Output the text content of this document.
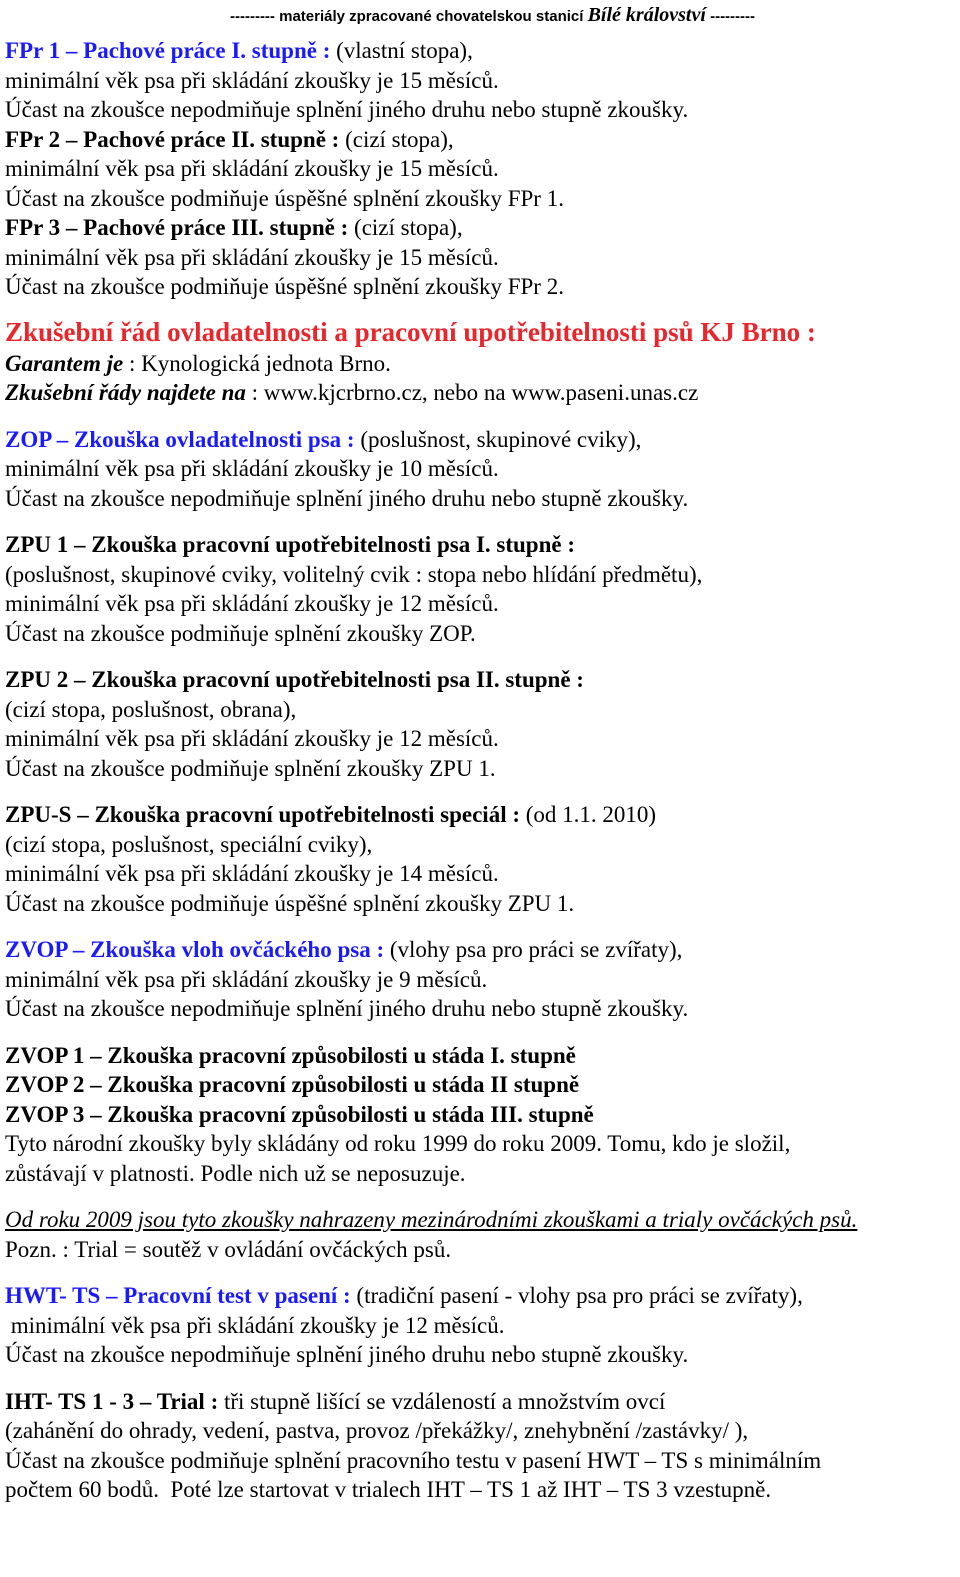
--------- materiály zpracované chovatelskou stanicí Bílé království ---------
FPr 1 – Pachové práce I. stupně : (vlastní stopa),
minimální věk psa při skládání zkoušky je 15 měsíců.
Účast na zkoušce nepodmiňuje splnění jiného druhu nebo stupně zkoušky.
FPr 2 – Pachové práce II. stupně : (cizí stopa),
minimální věk psa při skládání zkoušky je 15 měsíců.
Účast na zkoušce podmiňuje úspěšné splnění zkoušky FPr 1.
FPr 3 – Pachové práce III. stupně : (cizí stopa),
minimální věk psa při skládání zkoušky je 15 měsíců.
Účast na zkoušce podmiňuje úspěšné splnění zkoušky FPr 2.
Zkušební řád ovladatelnosti a pracovní upotřebitelnosti psů KJ Brno :
Garantem je : Kynologická jednota Brno.
Zkušební řády najdete na : www.kjcrbrno.cz, nebo na www.paseni.unas.cz
ZOP – Zkouška ovladatelnosti psa : (poslušnost, skupinové cviky),
minimální věk psa při skládání zkoušky je 10 měsíců.
Účast na zkoušce nepodmiňuje splnění jiného druhu nebo stupně zkoušky.
ZPU 1 – Zkouška pracovní upotřebitelnosti psa I. stupně :
(poslušnost, skupinové cviky, volitelný cvik : stopa nebo hlídání předmětu),
minimální věk psa při skládání zkoušky je 12 měsíců.
Účast na zkoušce podmiňuje splnění zkoušky ZOP.
ZPU 2 – Zkouška pracovní upotřebitelnosti psa II. stupně :
(cizí stopa, poslušnost, obrana),
minimální věk psa při skládání zkoušky je 12 měsíců.
Účast na zkoušce podmiňuje splnění zkoušky ZPU 1.
ZPU-S – Zkouška pracovní upotřebitelnosti speciál : (od 1.1. 2010)
(cizí stopa, poslušnost, speciální cviky),
minimální věk psa při skládání zkoušky je 14 měsíců.
Účast na zkoušce podmiňuje úspěšné splnění zkoušky ZPU 1.
ZVOP – Zkouška vloh ovčáckého psa : (vlohy psa pro práci se zvířaty),
minimální věk psa při skládání zkoušky je 9 měsíců.
Účast na zkoušce nepodmiňuje splnění jiného druhu nebo stupně zkoušky.
ZVOP 1 – Zkouška pracovní způsobilosti u stáda I. stupně
ZVOP 2 – Zkouška pracovní způsobilosti u stáda II stupně
ZVOP 3 – Zkouška pracovní způsobilosti u stáda III. stupně
Tyto národní zkoušky byly skládány od roku 1999 do roku 2009. Tomu, kdo je složil,
zůstávají v platnosti. Podle nich už se neposuzuje.
Od roku 2009 jsou tyto zkoušky nahrazeny mezinárodními zkouškami a trialy ovčáckých psů.
Pozn. : Trial = soutěž v ovládání ovčáckých psů.
HWT- TS – Pracovní test v pasení : (tradiční pasení - vlohy psa pro práci se zvířaty),
minimální věk psa při skládání zkoušky je 12 měsíců.
Účast na zkoušce nepodmiňuje splnění jiného druhu nebo stupně zkoušky.
IHT- TS 1 - 3 – Trial : tři stupně lišící se vzdáleností a množstvím ovcí
(zahánění do ohrady, vedení, pastva, provoz /překážky/, znehybnění /zastávky/ ),
Účast na zkoušce podmiňuje splnění pracovního testu v pasení HWT – TS s minimálním
počtem 60 bodů.  Poté lze startovat v trialech IHT – TS 1 až IHT – TS 3 vzestupně.
